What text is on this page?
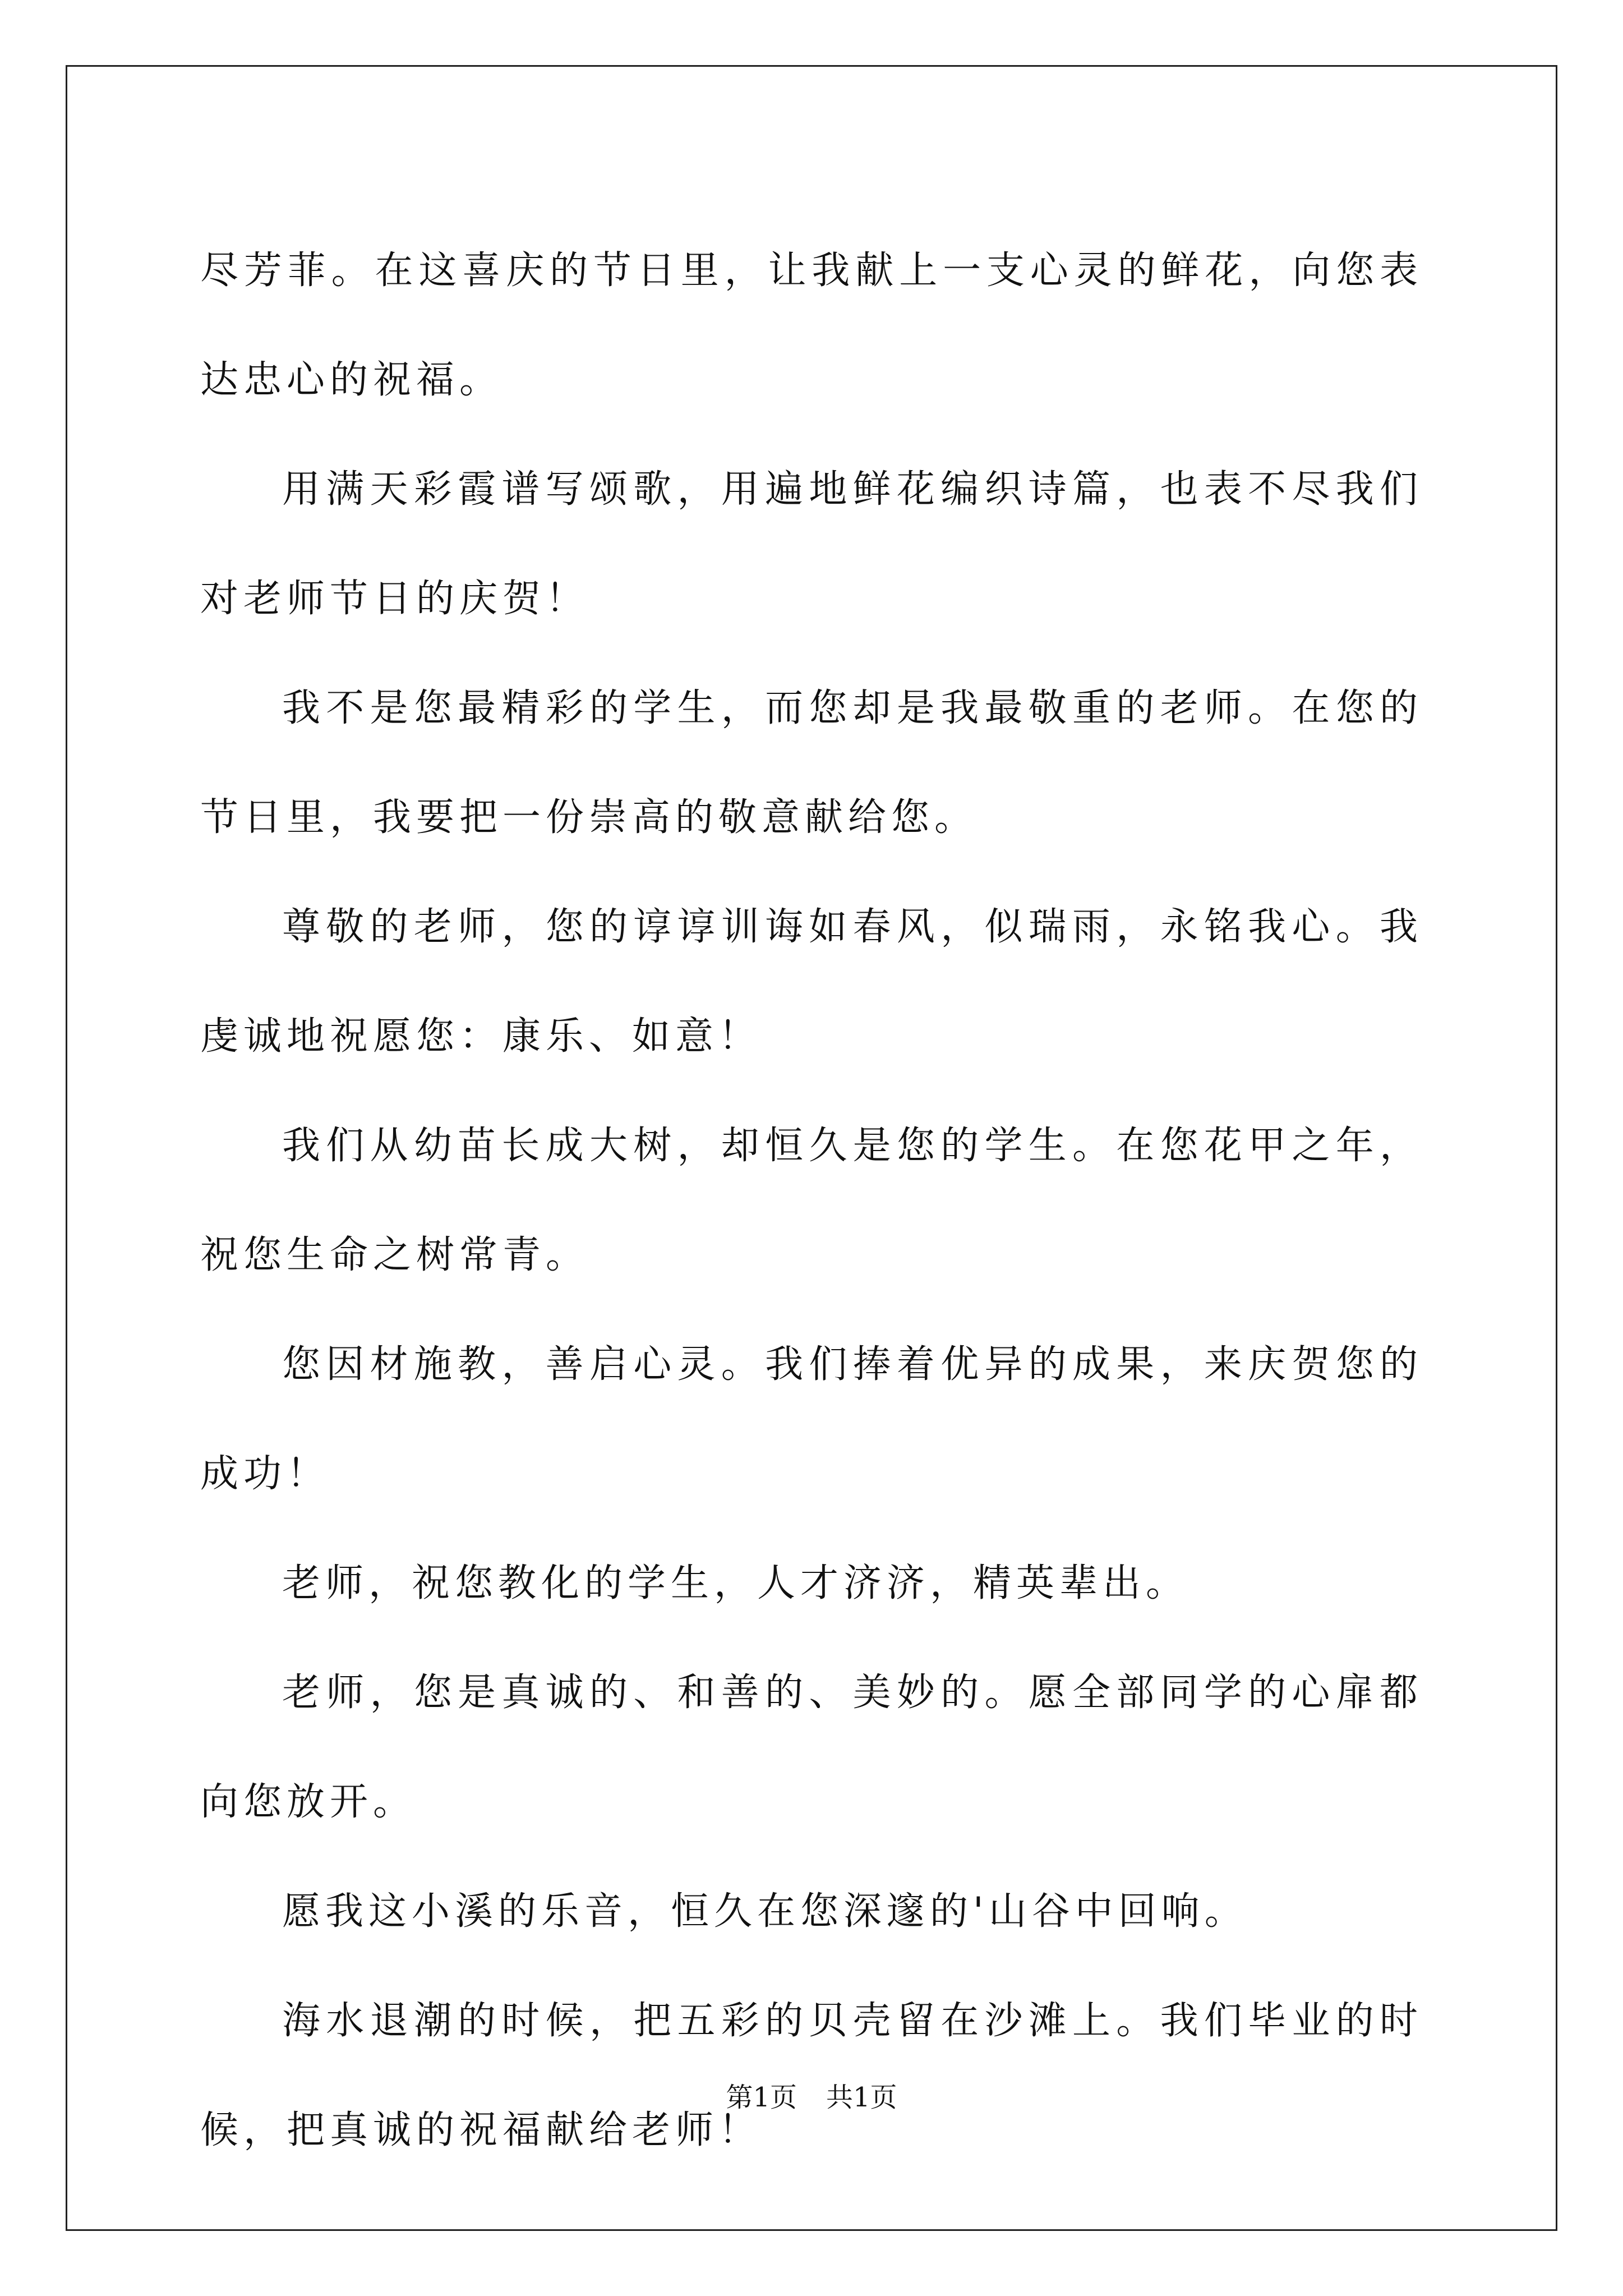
尽芳菲。在这喜庆的节日里，让我献上一支心灵的鲜花，向您表达忠心的祝福。

用满天彩霞谱写颂歌，用遍地鲜花编织诗篇，也表不尽我们对老师节日的庆贺！

我不是您最精彩的学生，而您却是我最敬重的老师。在您的节日里，我要把一份崇高的敬意献给您。

尊敬的老师，您的谆谆训诲如春风，似瑞雨，永铭我心。我虔诚地祝愿您：康乐、如意！

我们从幼苗长成大树，却恒久是您的学生。在您花甲之年，祝您生命之树常青。

您因材施教，善启心灵。我们捧着优异的成果，来庆贺您的成功！

老师，祝您教化的学生，人才济济，精英辈出。

老师，您是真诚的、和善的、美妙的。愿全部同学的心扉都向您放开。

愿我这小溪的乐音，恒久在您深邃的'山谷中回响。

海水退潮的时候，把五彩的贝壳留在沙滩上。我们毕业的时候，把真诚的祝福献给老师！

第1页 共1页
